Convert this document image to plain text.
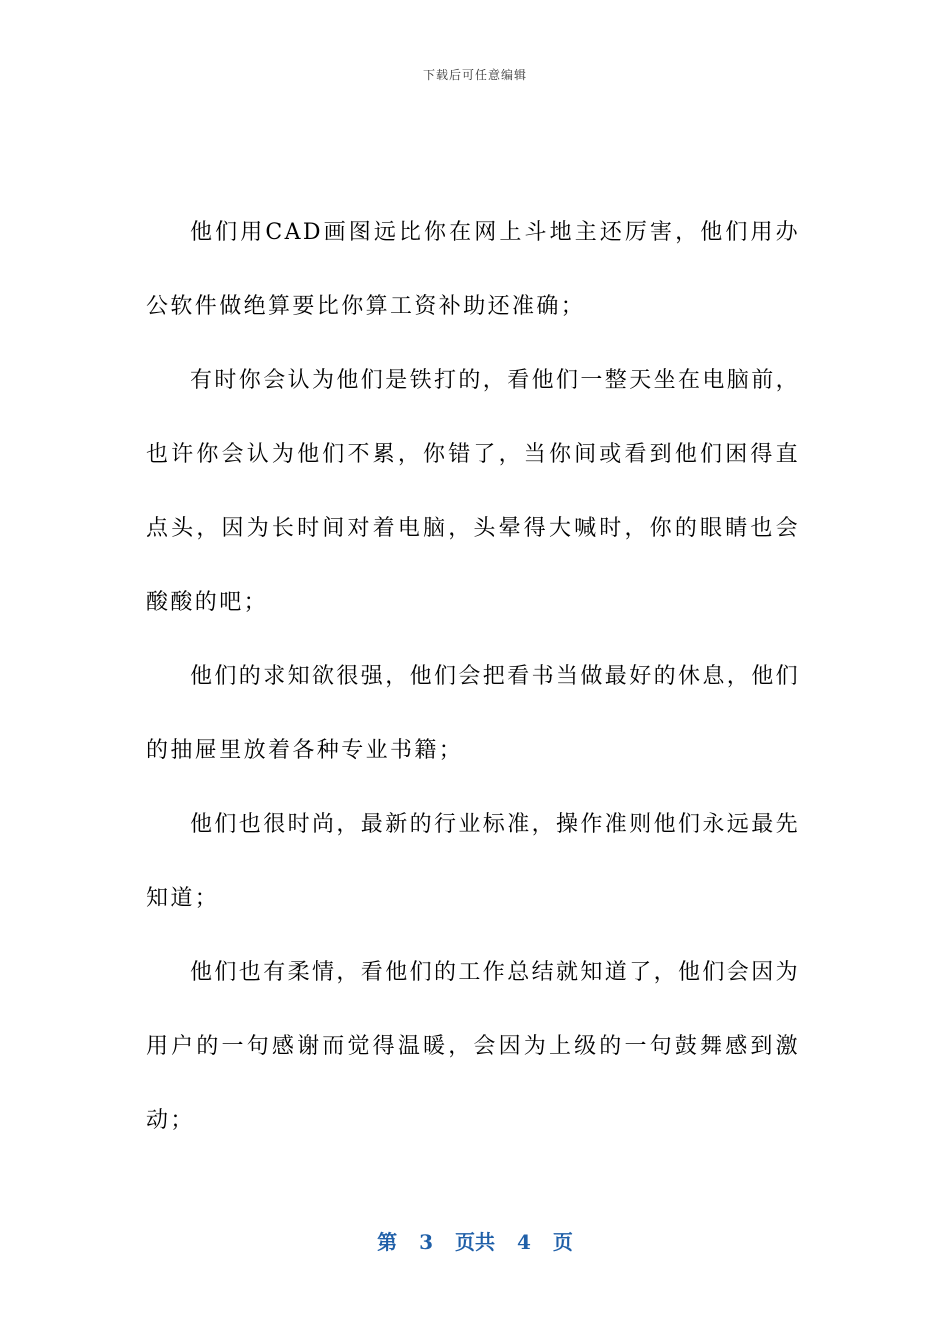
下载后可任意编辑

他们用CAD画图远比你在网上斗地主还厉害，他们用办公软件做绝算要比你算工资补助还准确；

有时你会认为他们是铁打的，看他们一整天坐在电脑前，也许你会认为他们不累，你错了，当你间或看到他们困得直点头，因为长时间对着电脑，头晕得大喊时，你的眼睛也会酸酸的吧；

他们的求知欲很强，他们会把看书当做最好的休息，他们的抽屉里放着各种专业书籍；

他们也很时尚，最新的行业标准，操作准则他们永远最先知道；

他们也有柔情，看他们的工作总结就知道了，他们会因为用户的一句感谢而觉得温暖，会因为上级的一句鼓舞感到激动；

第 3 页共 4 页
